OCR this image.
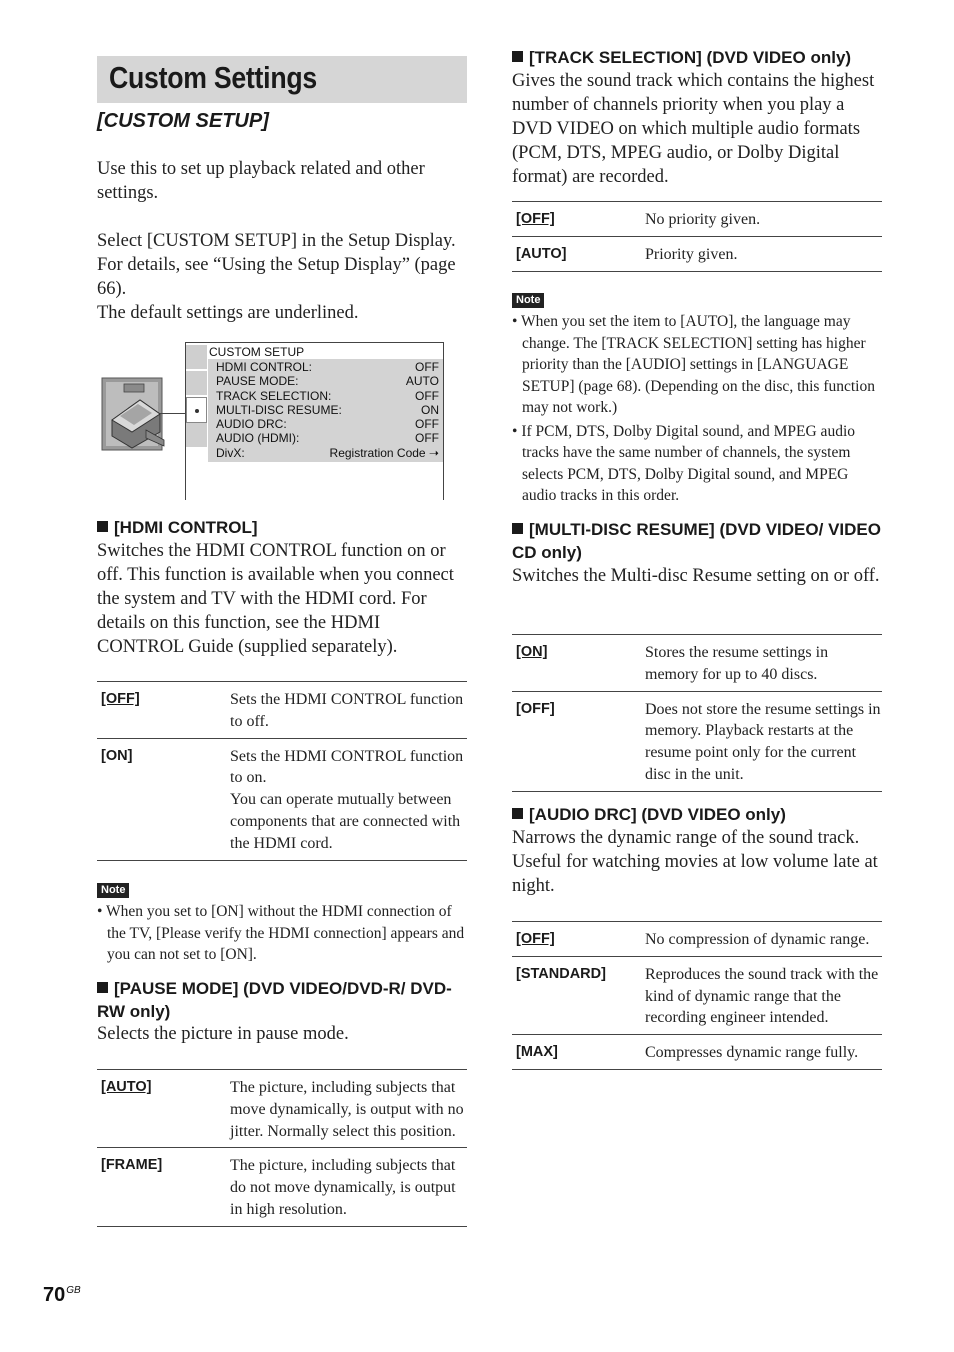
Custom Settings
[CUSTOM SETUP]
Use this to set up playback related and other settings.
Select [CUSTOM SETUP] in the Setup Display. For details, see “Using the Setup Display” (page 66).
The default settings are underlined.
CUSTOM SETUP
HDMI CONTROL:	OFF
PAUSE MODE:	AUTO
TRACK SELECTION:	OFF
MULTI-DISC RESUME:	ON
AUDIO DRC:	OFF
AUDIO (HDMI):	OFF
DivX:	Registration Code ➝
[HDMI CONTROL]
Switches the HDMI CONTROL function on or off. This function is available when you connect the system and TV with the HDMI cord. For details on this function, see the HDMI CONTROL Guide (supplied separately).
[OFF]	Sets the HDMI CONTROL function to off.
[ON]	Sets the HDMI CONTROL function to on.
You can operate mutually between components that are connected with the HDMI cord.
Note
• When you set to [ON] without the HDMI connection of the TV, [Please verify the HDMI connection] appears and you can not set to [ON].
[PAUSE MODE] (DVD VIDEO/DVD-R/ DVD-RW only)
Selects the picture in pause mode.
[AUTO]	The picture, including subjects that move dynamically, is output with no jitter. Normally select this position.
[FRAME]	The picture, including subjects that do not move dynamically, is output in high resolution.
[TRACK SELECTION] (DVD VIDEO only)
Gives the sound track which contains the highest number of channels priority when you play a DVD VIDEO on which multiple audio formats (PCM, DTS, MPEG audio, or Dolby Digital format) are recorded.
[OFF]	No priority given.
[AUTO]	Priority given.
Note
• When you set the item to [AUTO], the language may change. The [TRACK SELECTION] setting has higher priority than the [AUDIO] settings in [LANGUAGE SETUP] (page 68). (Depending on the disc, this function may not work.)
• If PCM, DTS, Dolby Digital sound, and MPEG audio tracks have the same number of channels, the system selects PCM, DTS, Dolby Digital sound, and MPEG audio tracks in this order.
[MULTI-DISC RESUME] (DVD VIDEO/ VIDEO CD only)
Switches the Multi-disc Resume setting on or off.
[ON]	Stores the resume settings in memory for up to 40 discs.
[OFF]	Does not store the resume settings in memory. Playback restarts at the resume point only for the current disc in the unit.
[AUDIO DRC] (DVD VIDEO only)
Narrows the dynamic range of the sound track. Useful for watching movies at low volume late at night.
[OFF]	No compression of dynamic range.
[STANDARD]	Reproduces the sound track with the kind of dynamic range that the recording engineer intended.
[MAX]	Compresses dynamic range fully.
$70^{GB}$
